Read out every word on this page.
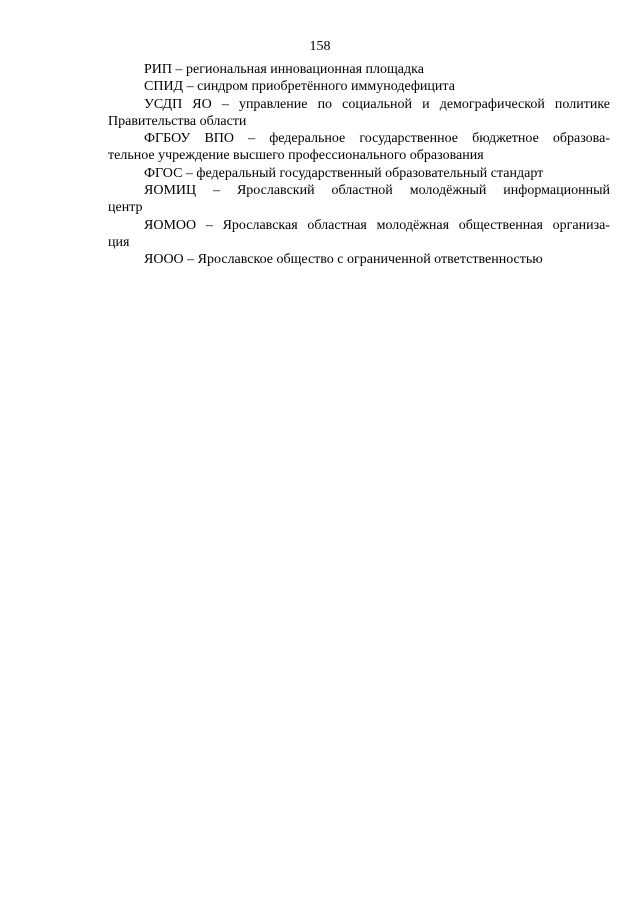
158

РИП – региональная инновационная площадка

СПИД – синдром приобретённого иммунодефицита

УСДП ЯО – управление по социальной и демографической политике
Правительства области

ФГБОУ ВПО – федеральное государственное бюджетное образова-
тельное учреждение высшего профессионального образования

ФГОС – федеральный государственный образовательный стандарт

ЯОМИЦ – Ярославский областной молодёжный информационный
центр

ЯОМОО – Ярославская областная молодёжная общественная организа-
ция

ЯООО – Ярославское общество с ограниченной ответственностью
